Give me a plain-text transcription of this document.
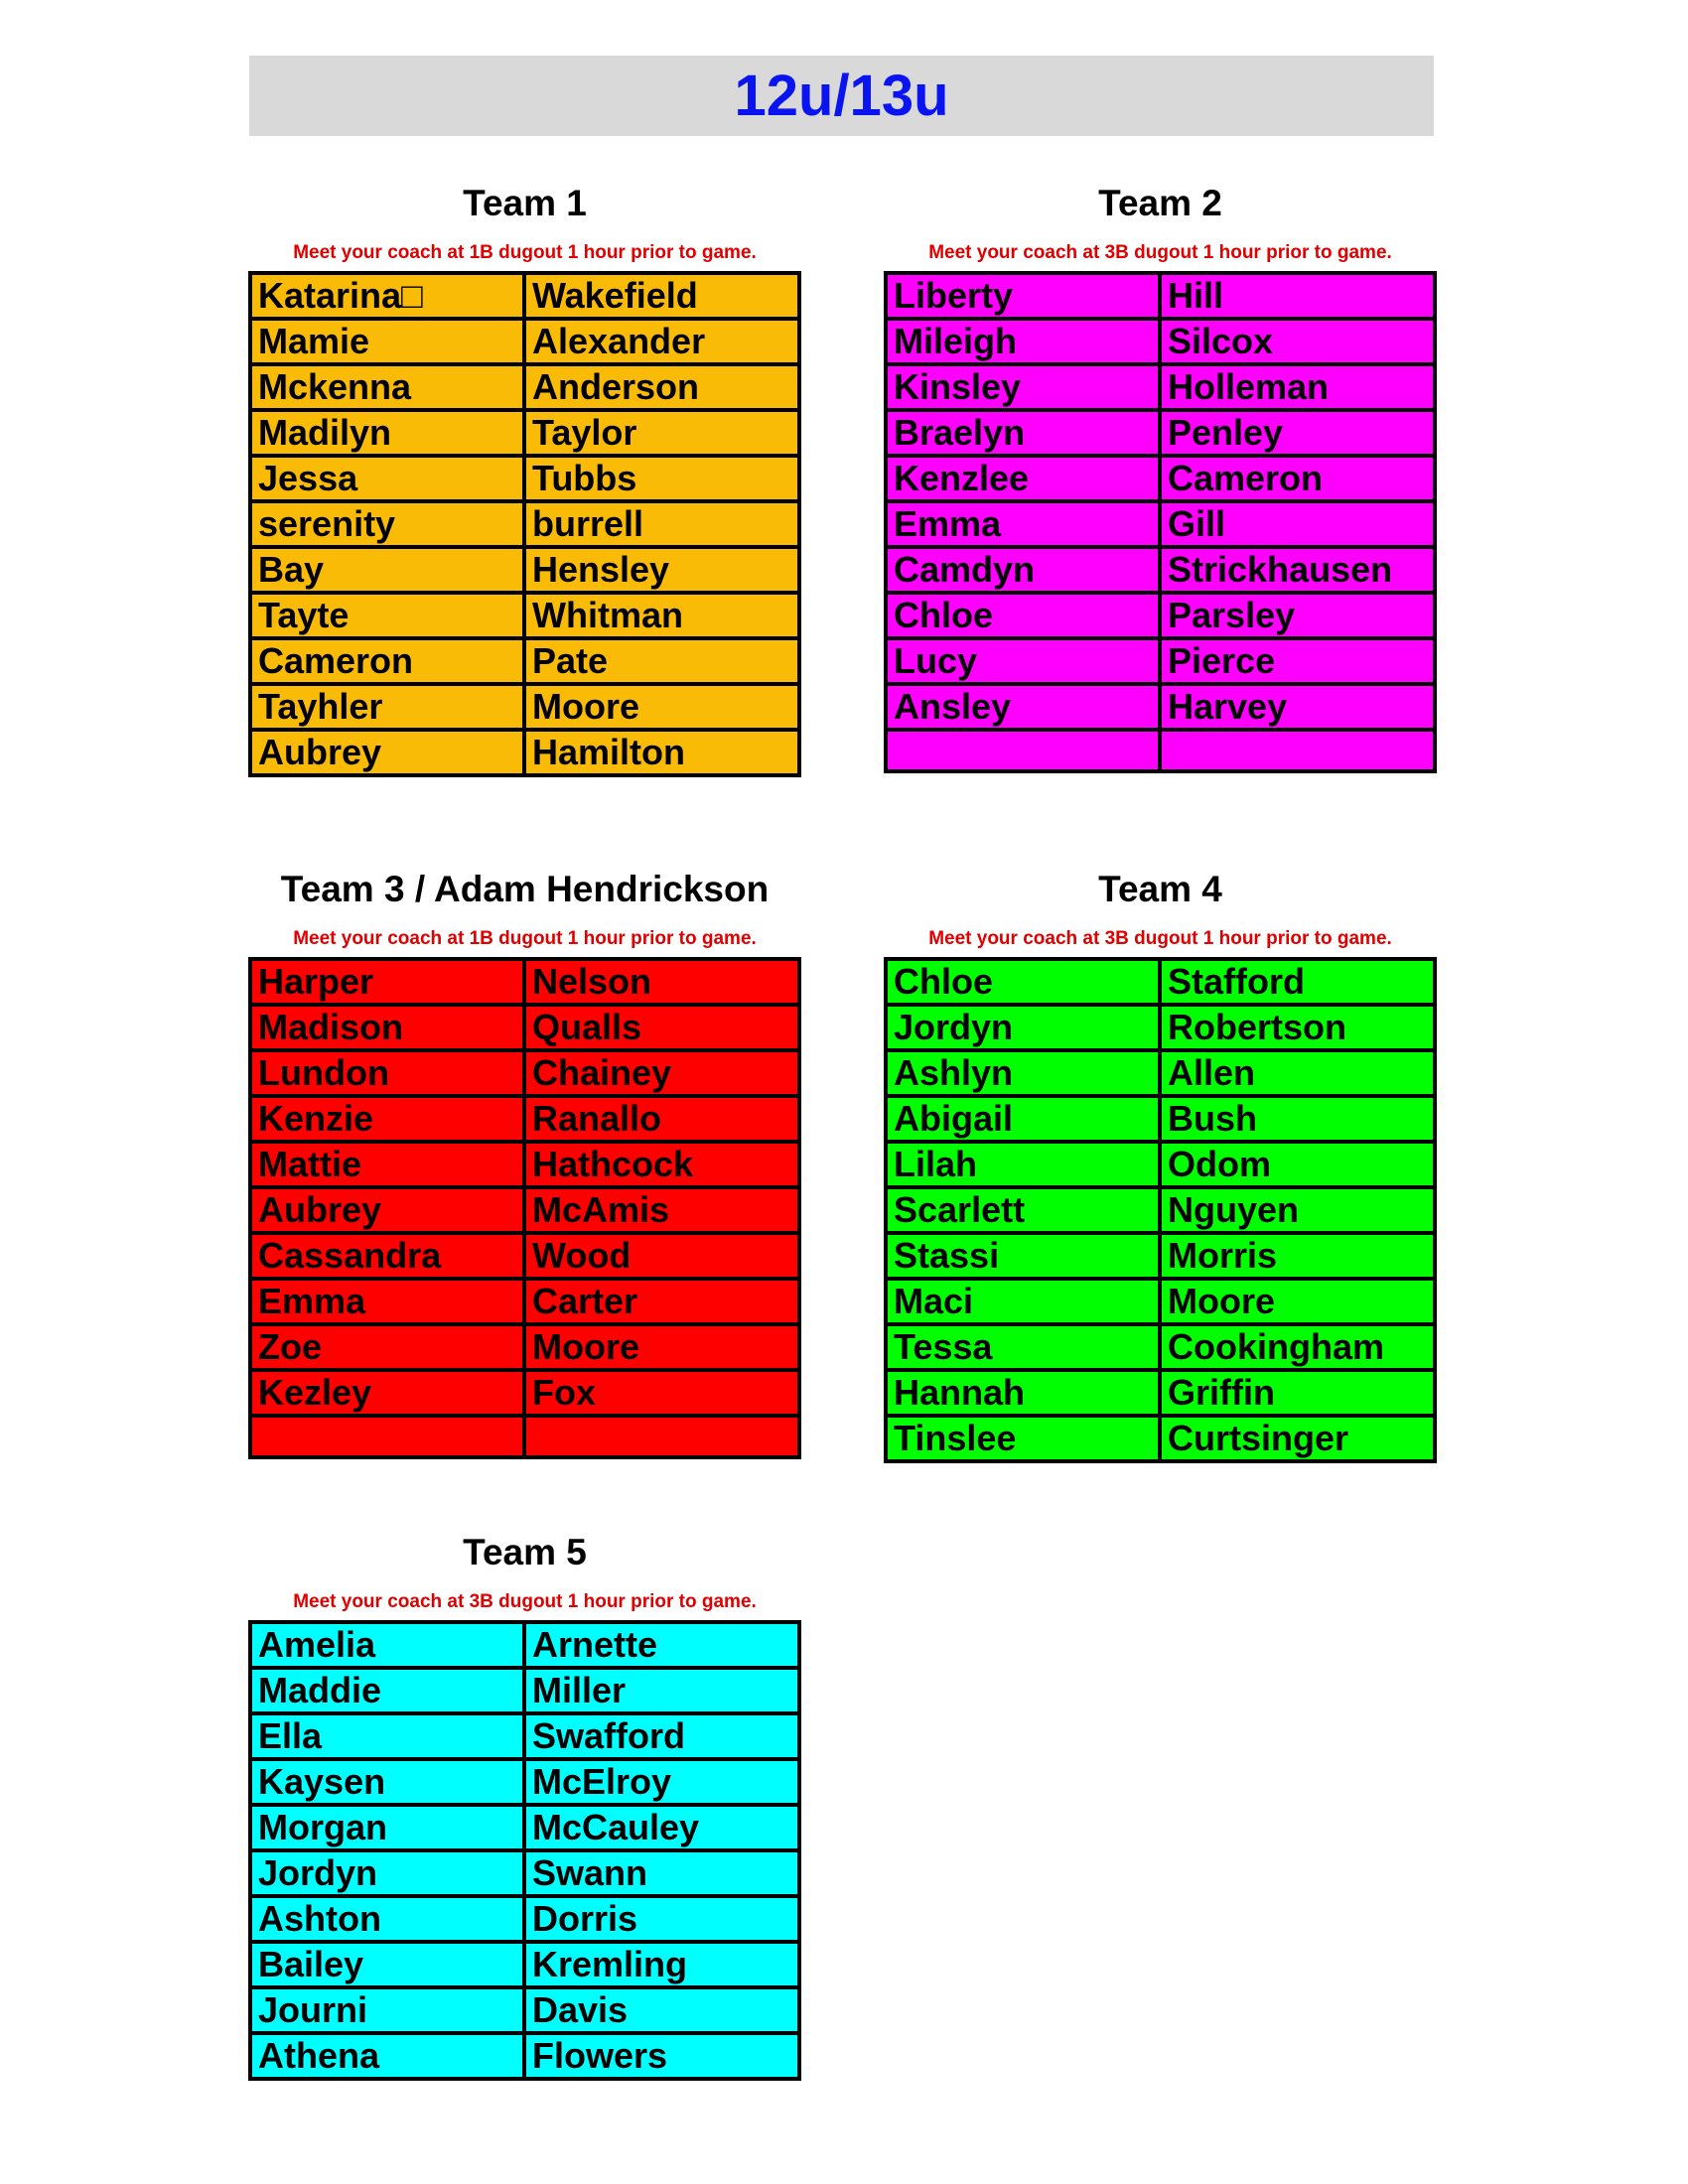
12u/13u
Team 1
Meet your coach at 1B dugout 1 hour prior to game.
Katarina□	Wakefield
Mamie	Alexander
Mckenna	Anderson
Madilyn	Taylor
Jessa	Tubbs
serenity	burrell
Bay	Hensley
Tayte	Whitman
Cameron	Pate
Tayhler	Moore
Aubrey	Hamilton
Team 2
Meet your coach at 3B dugout 1 hour prior to game.
Liberty	Hill
Mileigh	Silcox
Kinsley	Holleman
Braelyn	Penley
Kenzlee	Cameron
Emma	Gill
Camdyn	Strickhausen
Chloe	Parsley
Lucy	Pierce
Ansley	Harvey

Team 3 / Adam Hendrickson
Meet your coach at 1B dugout 1 hour prior to game.
Harper	Nelson
Madison	Qualls
Lundon	Chainey
Kenzie	Ranallo
Mattie	Hathcock
Aubrey	McAmis
Cassandra	Wood
Emma	Carter
Zoe	Moore
Kezley	Fox

Team 4
Meet your coach at 3B dugout 1 hour prior to game.
Chloe	Stafford
Jordyn	Robertson
Ashlyn	Allen
Abigail	Bush
Lilah	Odom
Scarlett	Nguyen
Stassi	Morris
Maci	Moore
Tessa	Cookingham
Hannah	Griffin
Tinslee	Curtsinger
Team 5
Meet your coach at 3B dugout 1 hour prior to game.
Amelia	Arnette
Maddie	Miller
Ella	Swafford
Kaysen	McElroy
Morgan	McCauley
Jordyn	Swann
Ashton	Dorris
Bailey	Kremling
Journi	Davis
Athena	Flowers
